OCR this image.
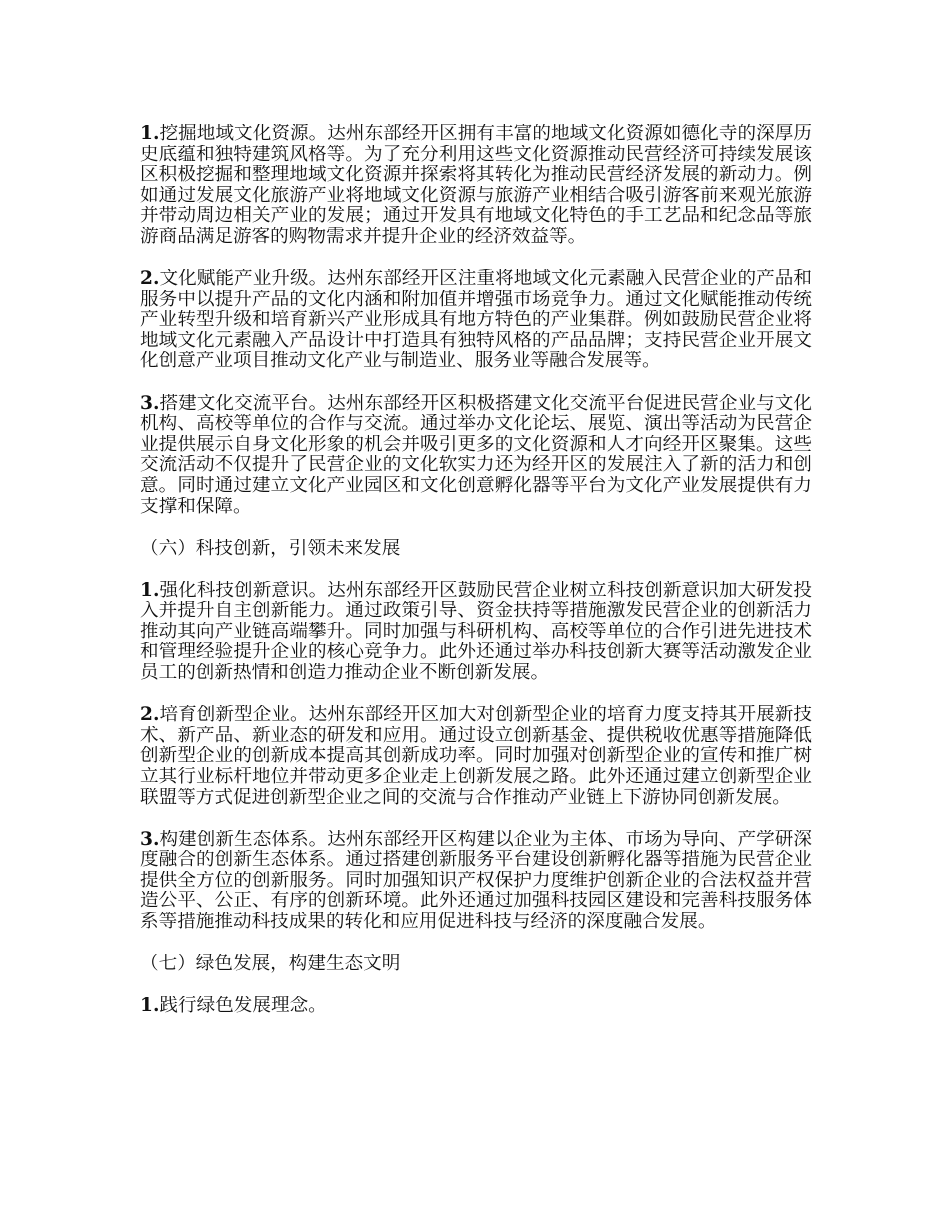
1.挖掘地域文化资源。达州东部经开区拥有丰富的地域文化资源如德化寺的深厚历
史底蕴和独特建筑风格等。为了充分利用这些文化资源推动民营经济可持续发展该
区积极挖掘和整理地域文化资源并探索将其转化为推动民营经济发展的新动力。例
如通过发展文化旅游产业将地域文化资源与旅游产业相结合吸引游客前来观光旅游
并带动周边相关产业的发展；通过开发具有地域文化特色的手工艺品和纪念品等旅
游商品满足游客的购物需求并提升企业的经济效益等。
2.文化赋能产业升级。达州东部经开区注重将地域文化元素融入民营企业的产品和
服务中以提升产品的文化内涵和附加值并增强市场竞争力。通过文化赋能推动传统
产业转型升级和培育新兴产业形成具有地方特色的产业集群。例如鼓励民营企业将
地域文化元素融入产品设计中打造具有独特风格的产品品牌；支持民营企业开展文
化创意产业项目推动文化产业与制造业、服务业等融合发展等。
3.搭建文化交流平台。达州东部经开区积极搭建文化交流平台促进民营企业与文化
机构、高校等单位的合作与交流。通过举办文化论坛、展览、演出等活动为民营企
业提供展示自身文化形象的机会并吸引更多的文化资源和人才向经开区聚集。这些
交流活动不仅提升了民营企业的文化软实力还为经开区的发展注入了新的活力和创
意。同时通过建立文化产业园区和文化创意孵化器等平台为文化产业发展提供有力
支撑和保障。
（六）科技创新，引领未来发展
1.强化科技创新意识。达州东部经开区鼓励民营企业树立科技创新意识加大研发投
入并提升自主创新能力。通过政策引导、资金扶持等措施激发民营企业的创新活力
推动其向产业链高端攀升。同时加强与科研机构、高校等单位的合作引进先进技术
和管理经验提升企业的核心竞争力。此外还通过举办科技创新大赛等活动激发企业
员工的创新热情和创造力推动企业不断创新发展。
2.培育创新型企业。达州东部经开区加大对创新型企业的培育力度支持其开展新技
术、新产品、新业态的研发和应用。通过设立创新基金、提供税收优惠等措施降低
创新型企业的创新成本提高其创新成功率。同时加强对创新型企业的宣传和推广树
立其行业标杆地位并带动更多企业走上创新发展之路。此外还通过建立创新型企业
联盟等方式促进创新型企业之间的交流与合作推动产业链上下游协同创新发展。
3.构建创新生态体系。达州东部经开区构建以企业为主体、市场为导向、产学研深
度融合的创新生态体系。通过搭建创新服务平台建设创新孵化器等措施为民营企业
提供全方位的创新服务。同时加强知识产权保护力度维护创新企业的合法权益并营
造公平、公正、有序的创新环境。此外还通过加强科技园区建设和完善科技服务体
系等措施推动科技成果的转化和应用促进科技与经济的深度融合发展。
（七）绿色发展，构建生态文明
1.践行绿色发展理念。
